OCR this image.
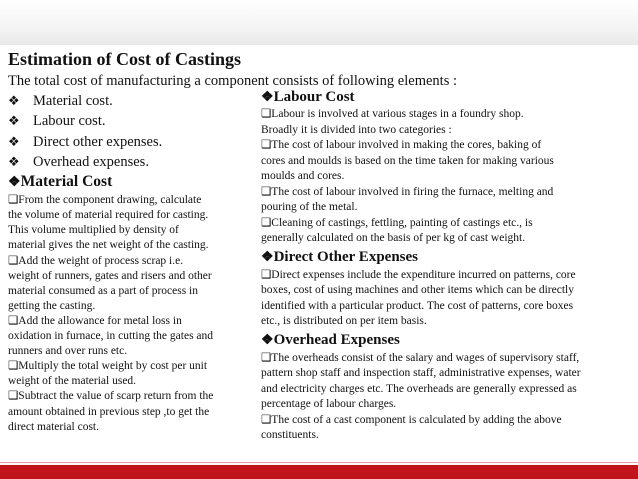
Estimation of Cost of Castings

The total cost of manufacturing a component consists of following elements :

❖ Material cost.
❖ Labour cost.
❖ Direct other expenses.
❖ Overhead expenses.
❖Material Cost

❑From the component drawing, calculate

the volume of material required for casting.

This volume multiplied by density of

material gives the net weight of the casting.

❑Add the weight of process scrap i.e.

weight of runners, gates and risers and other

material consumed as a part of process in

getting the casting.

❑Add the allowance for metal loss in

oxidation in furnace, in cutting the gates and

runners and over runs etc.

❑Multiply the total weight by cost per unit

weight of the material used.

❑Subtract the value of scarp return from the

amount obtained in previous step ,to get the

direct material cost.

❖Labour Cost

❑Labour is involved at various stages in a foundry shop.

Broadly it is divided into two categories :

❑The cost of labour involved in making the cores, baking of

cores and moulds is based on the time taken for making various

moulds and cores.

❑The cost of labour involved in firing the furnace, melting and

pouring of the metal.

❑Cleaning of castings, fettling, painting of castings etc., is

generally calculated on the basis of per kg of cast weight.

❖Direct Other Expenses

❑Direct expenses include the expenditure incurred on patterns, core

boxes, cost of using machines and other items which can be directly

identified with a particular product. The cost of patterns, core boxes

etc., is distributed on per item basis.

❖Overhead Expenses

❑The overheads consist of the salary and wages of supervisory staff,

pattern shop staff and inspection staff, administrative expenses, water

and electricity charges etc. The overheads are generally expressed as

percentage of labour charges.

❑The cost of a cast component is calculated by adding the above

constituents.
